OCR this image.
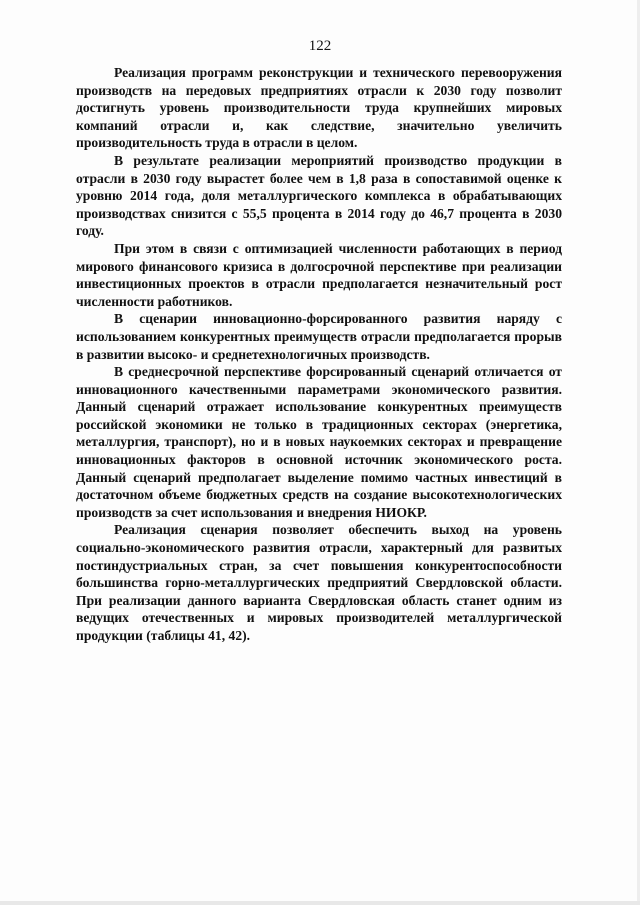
122

Реализация программ реконструкции и технического перевооружения производств на передовых предприятиях отрасли к 2030 году позволит достигнуть уровень производительности труда крупнейших мировых компаний отрасли и, как следствие, значительно увеличить производительность труда в отрасли в целом.

В результате реализации мероприятий производство продукции в отрасли в 2030 году вырастет более чем в 1,8 раза в сопоставимой оценке к уровню 2014 года, доля металлургического комплекса в обрабатывающих производствах снизится с 55,5 процента в 2014 году до 46,7 процента в 2030 году.

При этом в связи с оптимизацией численности работающих в период мирового финансового кризиса в долгосрочной перспективе при реализации инвестиционных проектов в отрасли предполагается незначительный рост численности работников.

В сценарии инновационно-форсированного развития наряду с использованием конкурентных преимуществ отрасли предполагается прорыв в развитии высоко- и среднетехнологичных производств.

В среднесрочной перспективе форсированный сценарий отличается от инновационного качественными параметрами экономического развития. Данный сценарий отражает использование конкурентных преимуществ российской экономики не только в традиционных секторах (энергетика, металлургия, транспорт), но и в новых наукоемких секторах и превращение инновационных факторов в основной источник экономического роста. Данный сценарий предполагает выделение помимо частных инвестиций в достаточном объеме бюджетных средств на создание высокотехнологических производств за счет использования и внедрения НИОКР.

Реализация сценария позволяет обеспечить выход на уровень социально-экономического развития отрасли, характерный для развитых постиндустриальных стран, за счет повышения конкурентоспособности большинства горно-металлургических предприятий Свердловской области. При реализации данного варианта Свердловская область станет одним из ведущих отечественных и мировых производителей металлургической продукции (таблицы 41, 42).
